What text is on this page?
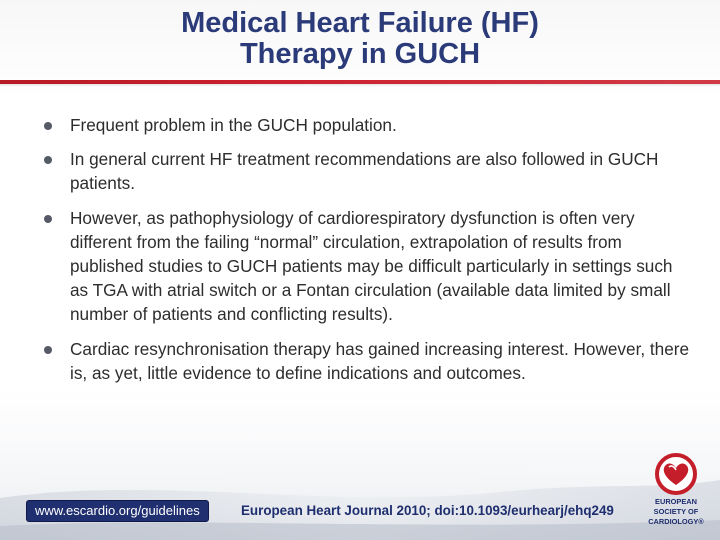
Medical Heart Failure (HF)
Therapy in GUCH
Frequent problem in the GUCH population.
In general current HF treatment recommendations are also followed in GUCH patients.
However, as pathophysiology of cardiorespiratory dysfunction is often very different from the failing “normal” circulation, extrapolation of results from published studies to GUCH patients may be difficult particularly in settings such as TGA with atrial switch or a Fontan circulation (available data limited by small number of patients and conflicting results).
Cardiac resynchronisation therapy has gained increasing interest. However, there is, as yet, little evidence to define indications and outcomes.
www.escardio.org/guidelines	European Heart Journal 2010; doi:10.1093/eurhearj/ehq249
EUROPEAN
SOCIETY OF
CARDIOLOGY®
